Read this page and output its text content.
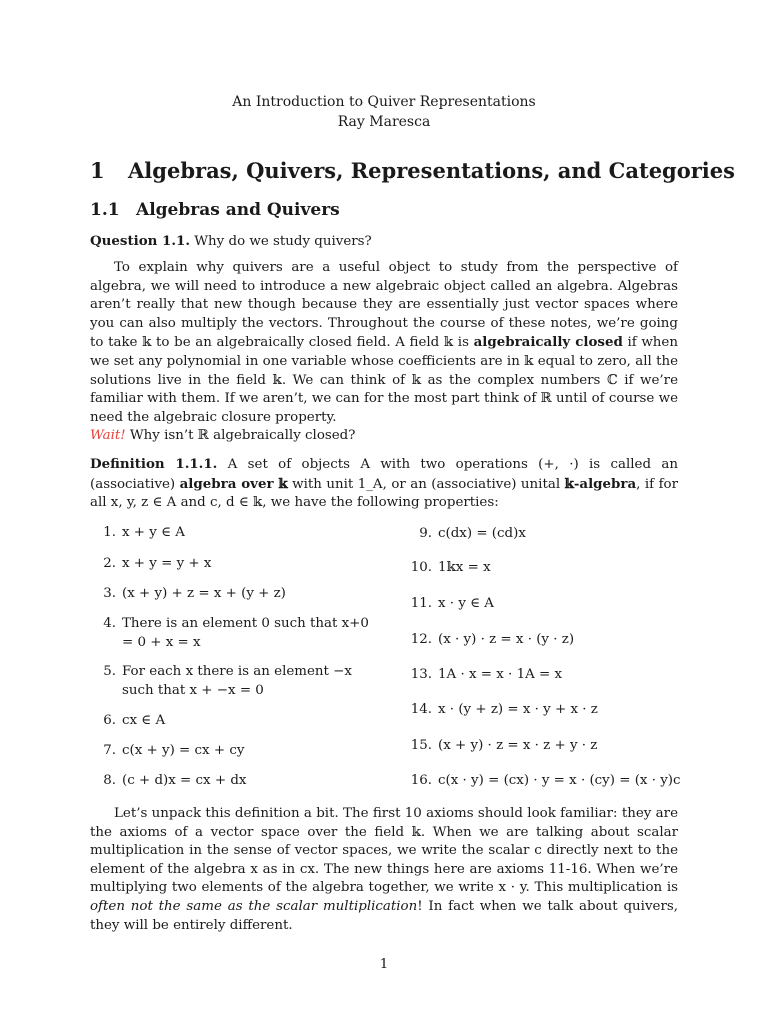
An Introduction to Quiver Representations
Ray Maresca
1 Algebras, Quivers, Representations, and Categories
1.1 Algebras and Quivers
Question 1.1. Why do we study quivers?
To explain why quivers are a useful object to study from the perspective of algebra, we will need to introduce a new algebraic object called an algebra. Algebras aren’t really that new though because they are essentially just vector spaces where you can also multiply the vectors. Throughout the course of these notes, we’re going to take 𝕜 to be an algebraically closed field. A field 𝕜 is algebraically closed if when we set any polynomial in one variable whose coefficients are in 𝕜 equal to zero, all the solutions live in the field 𝕜. We can think of 𝕜 as the complex numbers ℂ if we’re familiar with them. If we aren’t, we can for the most part think of ℝ until of course we need the algebraic closure property.
Wait! Why isn’t ℝ algebraically closed?
Definition 1.1.1. A set of objects A with two operations (+, ·) is called an (associative) algebra over 𝕜 with unit 1_A, or an (associative) unital 𝕜-algebra, if for all x, y, z ∈ A and c, d ∈ 𝕜, we have the following properties:
1. x + y ∈ A
2. x + y = y + x
3. (x + y) + z = x + (y + z)
4. There is an element 0 such that x+0 = 0 + x = x
5. For each x there is an element −x such that x + −x = 0
6. cx ∈ A
7. c(x + y) = cx + cy
8. (c + d)x = cx + dx
9. c(dx) = (cd)x
10. 1𝕜x = x
11. x · y ∈ A
12. (x · y) · z = x · (y · z)
13. 1A · x = x · 1A = x
14. x · (y + z) = x · y + x · z
15. (x + y) · z = x · z + y · z
16. c(x · y) = (cx) · y = x · (cy) = (x · y)c
Let’s unpack this definition a bit. The first 10 axioms should look familiar: they are the axioms of a vector space over the field 𝕜. When we are talking about scalar multiplication in the sense of vector spaces, we write the scalar c directly next to the element of the algebra x as in cx. The new things here are axioms 11-16. When we’re multiplying two elements of the algebra together, we write x · y. This multiplication is often not the same as the scalar multiplication! In fact when we talk about quivers, they will be entirely different.
1
